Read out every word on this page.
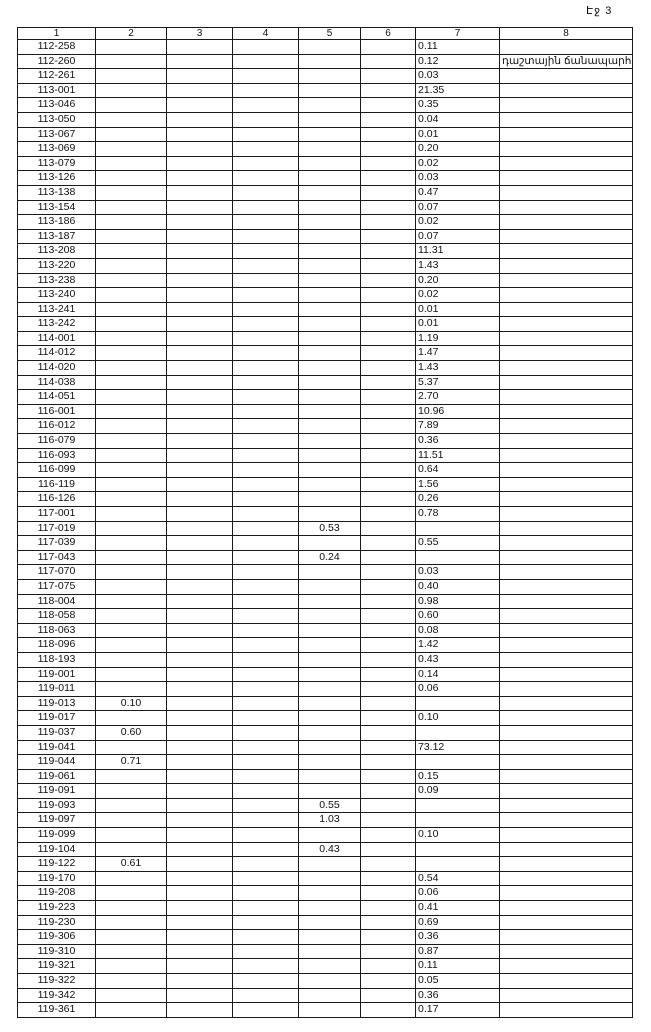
Էջ 3
1	2	3	4	5	6	7	8
112-258						0.11	
112-260						0.12	դաշտային ճանապարհ
112-261						0.03	
113-001						21.35	
113-046						0.35	
113-050						0.04	
113-067						0.01	
113-069						0.20	
113-079						0.02	
113-126						0.03	
113-138						0.47	
113-154						0.07	
113-186						0.02	
113-187						0.07	
113-208						11.31	
113-220						1.43	
113-238						0.20	
113-240						0.02	
113-241						0.01	
113-242						0.01	
114-001						1.19	
114-012						1.47	
114-020						1.43	
114-038						5.37	
114-051						2.70	
116-001						10.96	
116-012						7.89	
116-079						0.36	
116-093						11.51	
116-099						0.64	
116-119						1.56	
116-126						0.26	
117-001						0.78	
117-019				0.53			
117-039						0.55	
117-043				0.24			
117-070						0.03	
117-075						0.40	
118-004						0.98	
118-058						0.60	
118-063						0.08	
118-096						1.42	
118-193						0.43	
119-001						0.14	
119-011						0.06	
119-013	0.10						
119-017						0.10	
119-037	0.60						
119-041						73.12	
119-044	0.71						
119-061						0.15	
119-091						0.09	
119-093				0.55			
119-097				1.03			
119-099						0.10	
119-104				0.43			
119-122	0.61						
119-170						0.54	
119-208						0.06	
119-223						0.41	
119-230						0.69	
119-306						0.36	
119-310						0.87	
119-321						0.11	
119-322						0.05	
119-342						0.36	
119-361						0.17	
